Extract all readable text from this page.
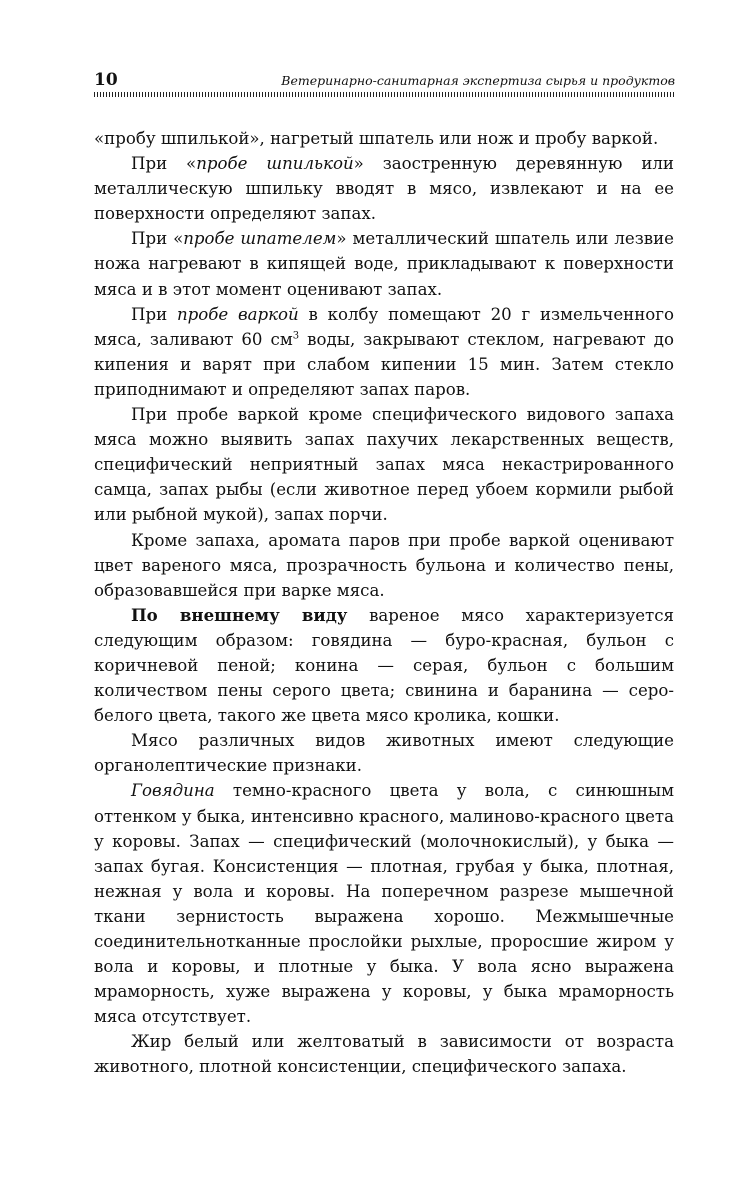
10	Ветеринарно-санитарная экспертиза сырья и продуктов

«пробу шпилькой», нагретый шпатель или нож и пробу варкой.

При «пробе шпилькой» заостренную деревянную или металлическую шпильку вводят в мясо, извлекают и на ее поверхности определяют запах.

При «пробе шпателем» металлический шпатель или лезвие ножа нагревают в кипящей воде, прикладывают к поверхности мяса и в этот момент оценивают запах.

При пробе варкой в колбу помещают 20 г измельченного мяса, заливают 60 $см^3$ воды, закрывают стеклом, нагревают до кипения и варят при слабом кипении 15 мин. Затем стекло приподнимают и определяют запах паров.

При пробе варкой кроме специфического видового запаха мяса можно выявить запах пахучих лекарственных веществ, специфический неприятный запах мяса некастрированного самца, запах рыбы (если животное перед убоем кормили рыбой или рыбной мукой), запах порчи.

Кроме запаха, аромата паров при пробе варкой оценивают цвет вареного мяса, прозрачность бульона и количество пены, образовавшейся при варке мяса.

По внешнему виду вареное мясо характеризуется следующим образом: говядина — буро-красная, бульон с коричневой пеной; конина — серая, бульон с большим количеством пены серого цвета; свинина и баранина — серо-белого цвета, такого же цвета мясо кролика, кошки.

Мясо различных видов животных имеют следующие органолептические признаки.

Говядина темно-красного цвета у вола, с синюшным оттенком у быка, интенсивно красного, малиново-красного цвета у коровы. Запах — специфический (молочнокислый), у быка — запах бугая. Консистенция — плотная, грубая у быка, плотная, нежная у вола и коровы. На поперечном разрезе мышечной ткани зернистость выражена хорошо. Межмышечные соединительнотканные прослойки рыхлые, проросшие жиром у вола и коровы, и плотные у быка. У вола ясно выражена мраморность, хуже выражена у коровы, у быка мраморность мяса отсутствует.

Жир белый или желтоватый в зависимости от возраста животного, плотной консистенции, специфического запаха.
